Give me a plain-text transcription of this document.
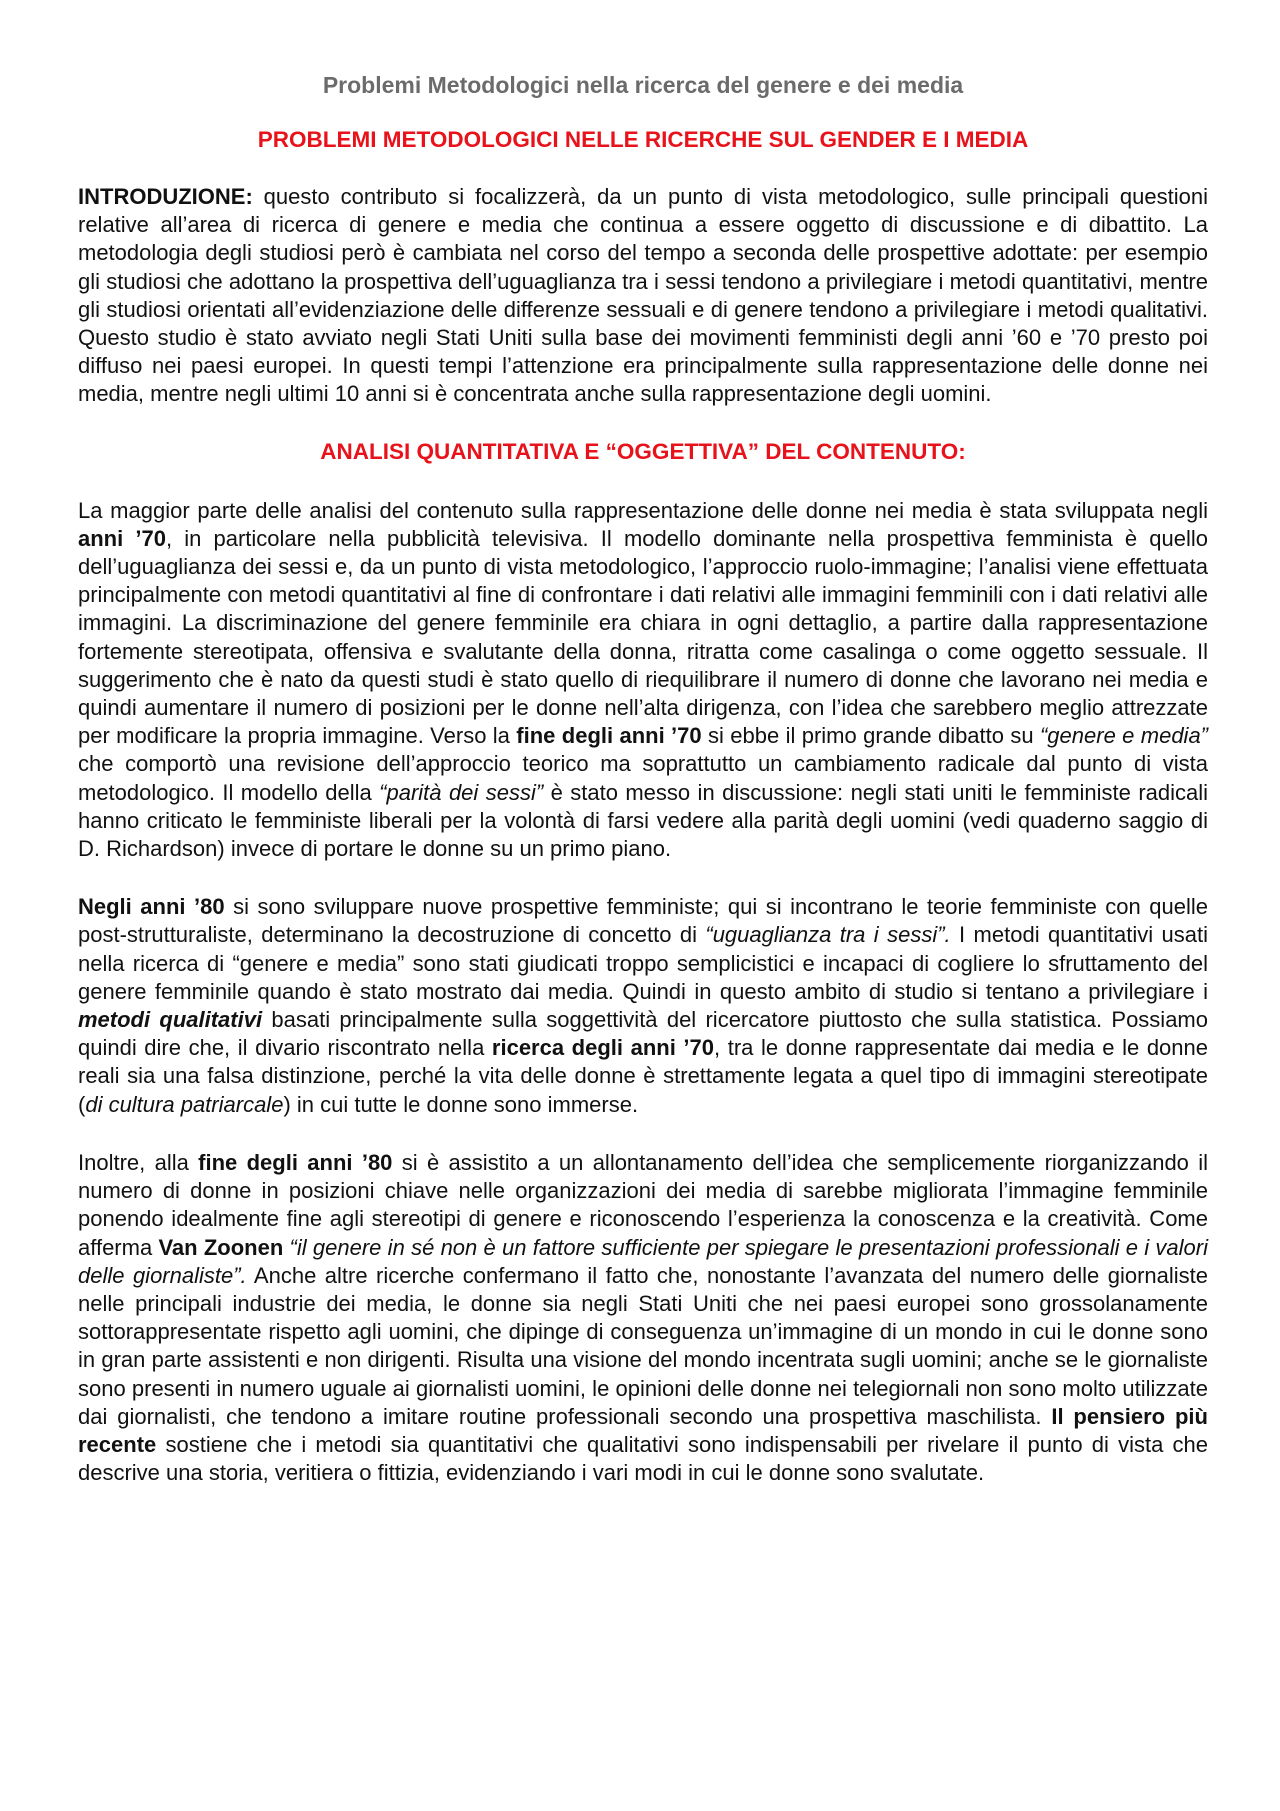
Problemi Metodologici nella ricerca del genere e dei media
PROBLEMI METODOLOGICI NELLE RICERCHE SUL GENDER E I MEDIA

INTRODUZIONE: questo contributo si focalizzerà, da un punto di vista metodologico, sulle principali questioni relative all’area di ricerca di genere e media che continua a essere oggetto di discussione e di dibattito. La metodologia degli studiosi però è cambiata nel corso del tempo a seconda delle prospettive adottate: per esempio gli studiosi che adottano la prospettiva dell’uguaglianza tra i sessi tendono a privilegiare i metodi quantitativi, mentre gli studiosi orientati all’evidenziazione delle differenze sessuali e di genere tendono a privilegiare i metodi qualitativi. Questo studio è stato avviato negli Stati Uniti sulla base dei movimenti femministi degli anni ’60 e ’70 presto poi diffuso nei paesi europei. In questi tempi l’attenzione era principalmente sulla rappresentazione delle donne nei media, mentre negli ultimi 10 anni si è concentrata anche sulla rappresentazione degli uomini.

ANALISI QUANTITATIVA E “OGGETTIVA” DEL CONTENUTO:

La maggior parte delle analisi del contenuto sulla rappresentazione delle donne nei media è stata sviluppata negli anni ’70, in particolare nella pubblicità televisiva. Il modello dominante nella prospettiva femminista è quello dell’uguaglianza dei sessi e, da un punto di vista metodologico, l’approccio ruolo-immagine; l’analisi viene effettuata principalmente con metodi quantitativi al fine di confrontare i dati relativi alle immagini femminili con i dati relativi alle immagini. La discriminazione del genere femminile era chiara in ogni dettaglio, a partire dalla rappresentazione fortemente stereotipata, offensiva e svalutante della donna, ritratta come casalinga o come oggetto sessuale. Il suggerimento che è nato da questi studi è stato quello di riequilibrare il numero di donne che lavorano nei media e quindi aumentare il numero di posizioni per le donne nell’alta dirigenza, con l’idea che sarebbero meglio attrezzate per modificare la propria immagine. Verso la fine degli anni ’70 si ebbe il primo grande dibatto su “genere e media” che comportò una revisione dell’approccio teorico ma soprattutto un cambiamento radicale dal punto di vista metodologico. Il modello della “parità dei sessi” è stato messo in discussione: negli stati uniti le femministe radicali hanno criticato le femministe liberali per la volontà di farsi vedere alla parità degli uomini (vedi quaderno saggio di D. Richardson) invece di portare le donne su un primo piano.

Negli anni ’80 si sono sviluppare nuove prospettive femministe; qui si incontrano le teorie femministe con quelle post-strutturaliste, determinano la decostruzione di concetto di “uguaglianza tra i sessi”. I metodi quantitativi usati nella ricerca di “genere e media” sono stati giudicati troppo semplicistici e incapaci di cogliere lo sfruttamento del genere femminile quando è stato mostrato dai media. Quindi in questo ambito di studio si tentano a privilegiare i metodi qualitativi basati principalmente sulla soggettività del ricercatore piuttosto che sulla statistica. Possiamo quindi dire che, il divario riscontrato nella ricerca degli anni ’70, tra le donne rappresentate dai media e le donne reali sia una falsa distinzione, perché la vita delle donne è strettamente legata a quel tipo di immagini stereotipate (di cultura patriarcale) in cui tutte le donne sono immerse.

Inoltre, alla fine degli anni ’80 si è assistito a un allontanamento dell’idea che semplicemente riorganizzando il numero di donne in posizioni chiave nelle organizzazioni dei media di sarebbe migliorata l’immagine femminile ponendo idealmente fine agli stereotipi di genere e riconoscendo l’esperienza la conoscenza e la creatività. Come afferma Van Zoonen “il genere in sé non è un fattore sufficiente per spiegare le presentazioni professionali e i valori delle giornaliste”. Anche altre ricerche confermano il fatto che, nonostante l’avanzata del numero delle giornaliste nelle principali industrie dei media, le donne sia negli Stati Uniti che nei paesi europei sono grossolanamente sottorappresentate rispetto agli uomini, che dipinge di conseguenza un’immagine di un mondo in cui le donne sono in gran parte assistenti e non dirigenti. Risulta una visione del mondo incentrata sugli uomini; anche se le giornaliste sono presenti in numero uguale ai giornalisti uomini, le opinioni delle donne nei telegiornali non sono molto utilizzate dai giornalisti, che tendono a imitare routine professionali secondo una prospettiva maschilista. Il pensiero più recente sostiene che i metodi sia quantitativi che qualitativi sono indispensabili per rivelare il punto di vista che descrive una storia, veritiera o fittizia, evidenziando i vari modi in cui le donne sono svalutate.
